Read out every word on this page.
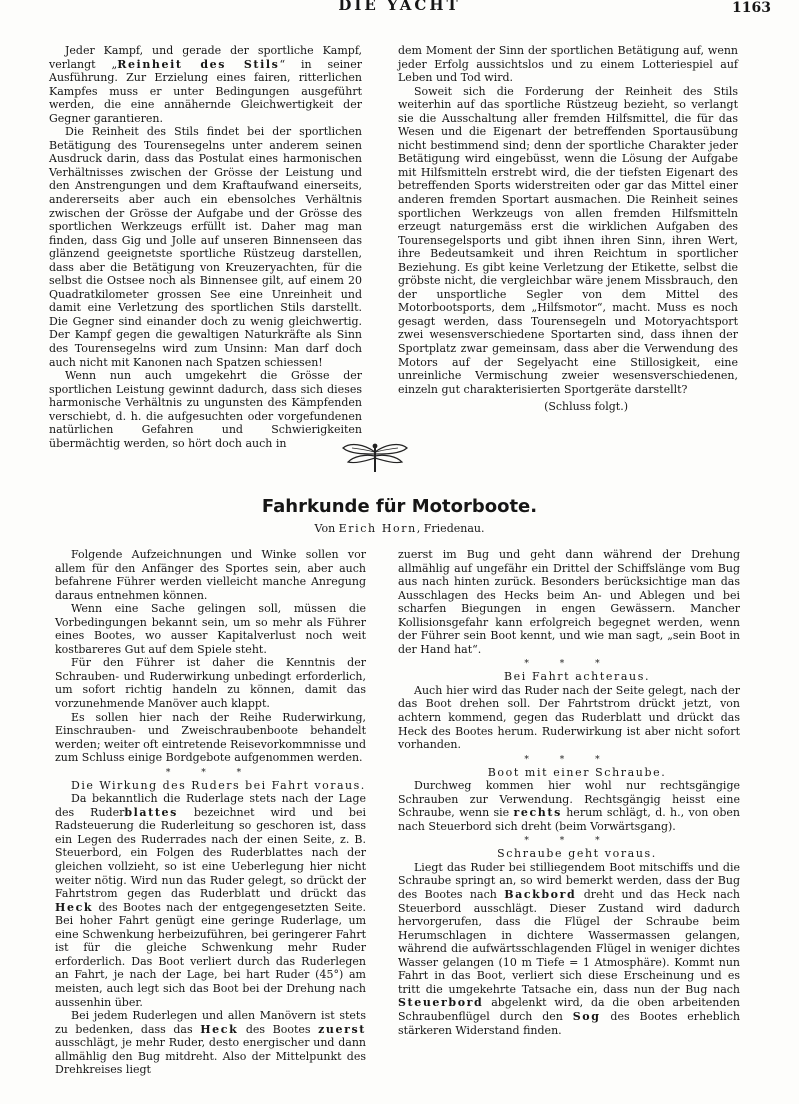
DIE YACHT	1163

Jeder Kampf, und gerade der sportliche Kampf, verlangt „Reinheit des Stils“ in seiner Ausführung. Zur Erzielung eines fairen, ritterlichen Kampfes muss er unter Bedingungen ausgeführt werden, die eine annähernde Gleichwertigkeit der Gegner garantieren.

Die Reinheit des Stils findet bei der sportlichen Betätigung des Tourensegelns unter anderem seinen Ausdruck darin, dass das Postulat eines harmonischen Verhältnisses zwischen der Grösse der Leistung und den Anstrengungen und dem Kraftaufwand einerseits, andererseits aber auch ein ebensolches Verhältnis zwischen der Grösse der Aufgabe und der Grösse des sportlichen Werkzeugs erfüllt ist. Daher mag man finden, dass Gig und Jolle auf unseren Binnenseen das glänzend geeignetste sportliche Rüstzeug darstellen, dass aber die Betätigung von Kreuzeryachten, für die selbst die Ostsee noch als Binnensee gilt, auf einem 20 Quadratkilometer grossen See eine Unreinheit und damit eine Verletzung des sportlichen Stils darstellt. Die Gegner sind einander doch zu wenig gleichwertig. Der Kampf gegen die gewaltigen Naturkräfte als Sinn des Tourensegelns wird zum Unsinn: Man darf doch auch nicht mit Kanonen nach Spatzen schiessen!

Wenn nun auch umgekehrt die Grösse der sportlichen Leistung gewinnt dadurch, dass sich dieses harmonische Verhältnis zu ungunsten des Kämpfenden verschiebt, d. h. die aufgesuchten oder vorgefundenen natürlichen Gefahren und Schwierigkeiten übermächtig werden, so hört doch auch in

dem Moment der Sinn der sportlichen Betätigung auf, wenn jeder Erfolg aussichtslos und zu einem Lotteriespiel auf Leben und Tod wird.

Soweit sich die Forderung der Reinheit des Stils weiterhin auf das sportliche Rüstzeug bezieht, so verlangt sie die Ausschaltung aller fremden Hilfsmittel, die für das Wesen und die Eigenart der betreffenden Sportausübung nicht bestimmend sind; denn der sportliche Charakter jeder Betätigung wird eingebüsst, wenn die Lösung der Aufgabe mit Hilfsmitteln erstrebt wird, die der tiefsten Eigenart des betreffenden Sports widerstreiten oder gar das Mittel einer anderen fremden Sportart ausmachen. Die Reinheit seines sportlichen Werkzeugs von allen fremden Hilfsmitteln erzeugt naturgemäss erst die wirklichen Aufgaben des Tourensegelsports und gibt ihnen ihren Sinn, ihren Wert, ihre Bedeutsamkeit und ihren Reichtum in sportlicher Beziehung. Es gibt keine Verletzung der Etikette, selbst die gröbste nicht, die vergleichbar wäre jenem Missbrauch, den der unsportliche Segler von dem Mittel des Motorbootsports, dem „Hilfsmotor“, macht. Muss es noch gesagt werden, dass Tourensegeln und Motoryachtsport zwei wesensverschiedene Sportarten sind, dass ihnen der Sportplatz zwar gemeinsam, dass aber die Verwendung des Motors auf der Segelyacht eine Stillosigkeit, eine unreinliche Vermischung zweier wesensverschiedenen, einzeln gut charakterisierten Sportgeräte darstellt?

(Schluss folgt.)

Fahrkunde für Motorboote.
Von Erich Horn, Friedenau.

Folgende Aufzeichnungen und Winke sollen vor allem für den Anfänger des Sportes sein, aber auch befahrene Führer werden vielleicht manche Anregung daraus entnehmen können.

Wenn eine Sache gelingen soll, müssen die Vorbedingungen bekannt sein, um so mehr als Führer eines Bootes, wo ausser Kapitalverlust noch weit kostbareres Gut auf dem Spiele steht.

Für den Führer ist daher die Kenntnis der Schrauben- und Ruderwirkung unbedingt erforderlich, um sofort richtig handeln zu können, damit das vorzunehmende Manöver auch klappt.

Es sollen hier nach der Reihe Ruderwirkung, Einschrauben- und Zweischraubenboote behandelt werden; weiter oft eintretende Reisevorkommnisse und zum Schluss einige Bordgebote aufgenommen werden.

* * *

Die Wirkung des Ruders bei Fahrt voraus.

Da bekanntlich die Ruderlage stets nach der Lage des Ruderblattes bezeichnet wird und bei Radsteuerung die Ruderleitung so geschoren ist, dass ein Legen des Ruderrades nach der einen Seite, z. B. Steuerbord, ein Folgen des Ruderblattes nach der gleichen vollzieht, so ist eine Ueberlegung hier nicht weiter nötig. Wird nun das Ruder gelegt, so drückt der Fahrtstrom gegen das Ruderblatt und drückt das Heck des Bootes nach der entgegengesetzten Seite. Bei hoher Fahrt genügt eine geringe Ruderlage, um eine Schwenkung herbeizuführen, bei geringerer Fahrt ist für die gleiche Schwenkung mehr Ruder erforderlich. Das Boot verliert durch das Ruderlegen an Fahrt, je nach der Lage, bei hart Ruder (45°) am meisten, auch legt sich das Boot bei der Drehung nach aussenhin über.

Bei jedem Ruderlegen und allen Manövern ist stets zu bedenken, dass das Heck des Bootes zuerst ausschlägt, je mehr Ruder, desto energischer und dann allmählig den Bug mitdreht. Also der Mittelpunkt des Drehkreises liegt

zuerst im Bug und geht dann während der Drehung allmählig auf ungefähr ein Drittel der Schiffslänge vom Bug aus nach hinten zurück. Besonders berücksichtige man das Ausschlagen des Hecks beim An- und Ablegen und bei scharfen Biegungen in engen Gewässern. Mancher Kollisionsgefahr kann erfolgreich begegnet werden, wenn der Führer sein Boot kennt, und wie man sagt, „sein Boot in der Hand hat“.

* * *

Bei Fahrt achteraus.

Auch hier wird das Ruder nach der Seite gelegt, nach der das Boot drehen soll. Der Fahrtstrom drückt jetzt, von achtern kommend, gegen das Ruderblatt und drückt das Heck des Bootes herum. Ruderwirkung ist aber nicht sofort vorhanden.

* * *

Boot mit einer Schraube.

Durchweg kommen hier wohl nur rechtsgängige Schrauben zur Verwendung. Rechtsgängig heisst eine Schraube, wenn sie rechts herum schlägt, d. h., von oben nach Steuerbord sich dreht (beim Vorwärtsgang).

* * *

Schraube geht voraus.

Liegt das Ruder bei stilliegendem Boot mitschiffs und die Schraube springt an, so wird bemerkt werden, dass der Bug des Bootes nach Backbord dreht und das Heck nach Steuerbord ausschlägt. Dieser Zustand wird dadurch hervorgerufen, dass die Flügel der Schraube beim Herumschlagen in dichtere Wassermassen gelangen, während die aufwärtsschlagenden Flügel in weniger dichtes Wasser gelangen (10 m Tiefe = 1 Atmosphäre). Kommt nun Fahrt in das Boot, verliert sich diese Erscheinung und es tritt die umgekehrte Tatsache ein, dass nun der Bug nach Steuerbord abgelenkt wird, da die oben arbeitenden Schraubenflügel durch den Sog des Bootes erheblich stärkeren Widerstand finden.
